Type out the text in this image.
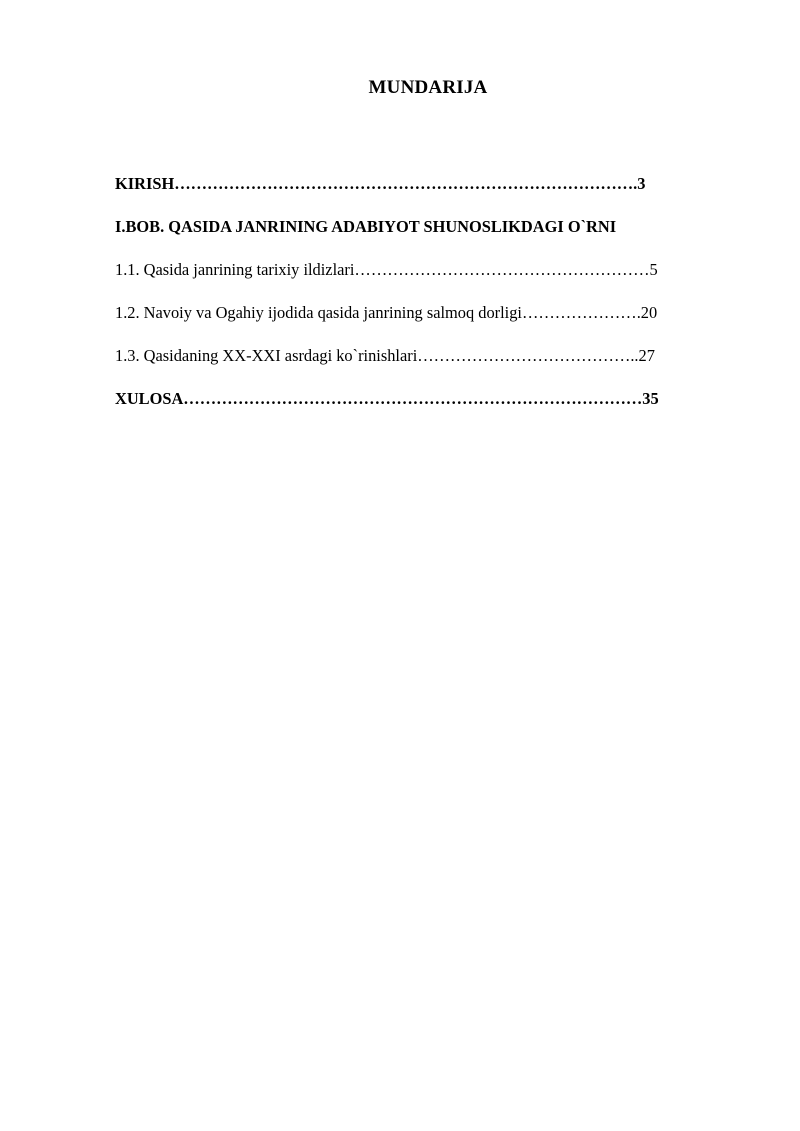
MUNDARIJA
KIRISH………………………………………………………………………….3
I.BOB. QASIDA JANRINING ADABIYOT SHUNOSLIKDAGI O`RNI
1.1. Qasida janrining tarixiy ildizlari………………………………………………5
1.2. Navoiy va Ogahiy ijodida qasida janrining salmoq dorligi………………….20
1.3. Qasidaning XX-XXI asrdagi ko`rinishlari…………………………………..27
XULOSA…………………………………………………………………………35
